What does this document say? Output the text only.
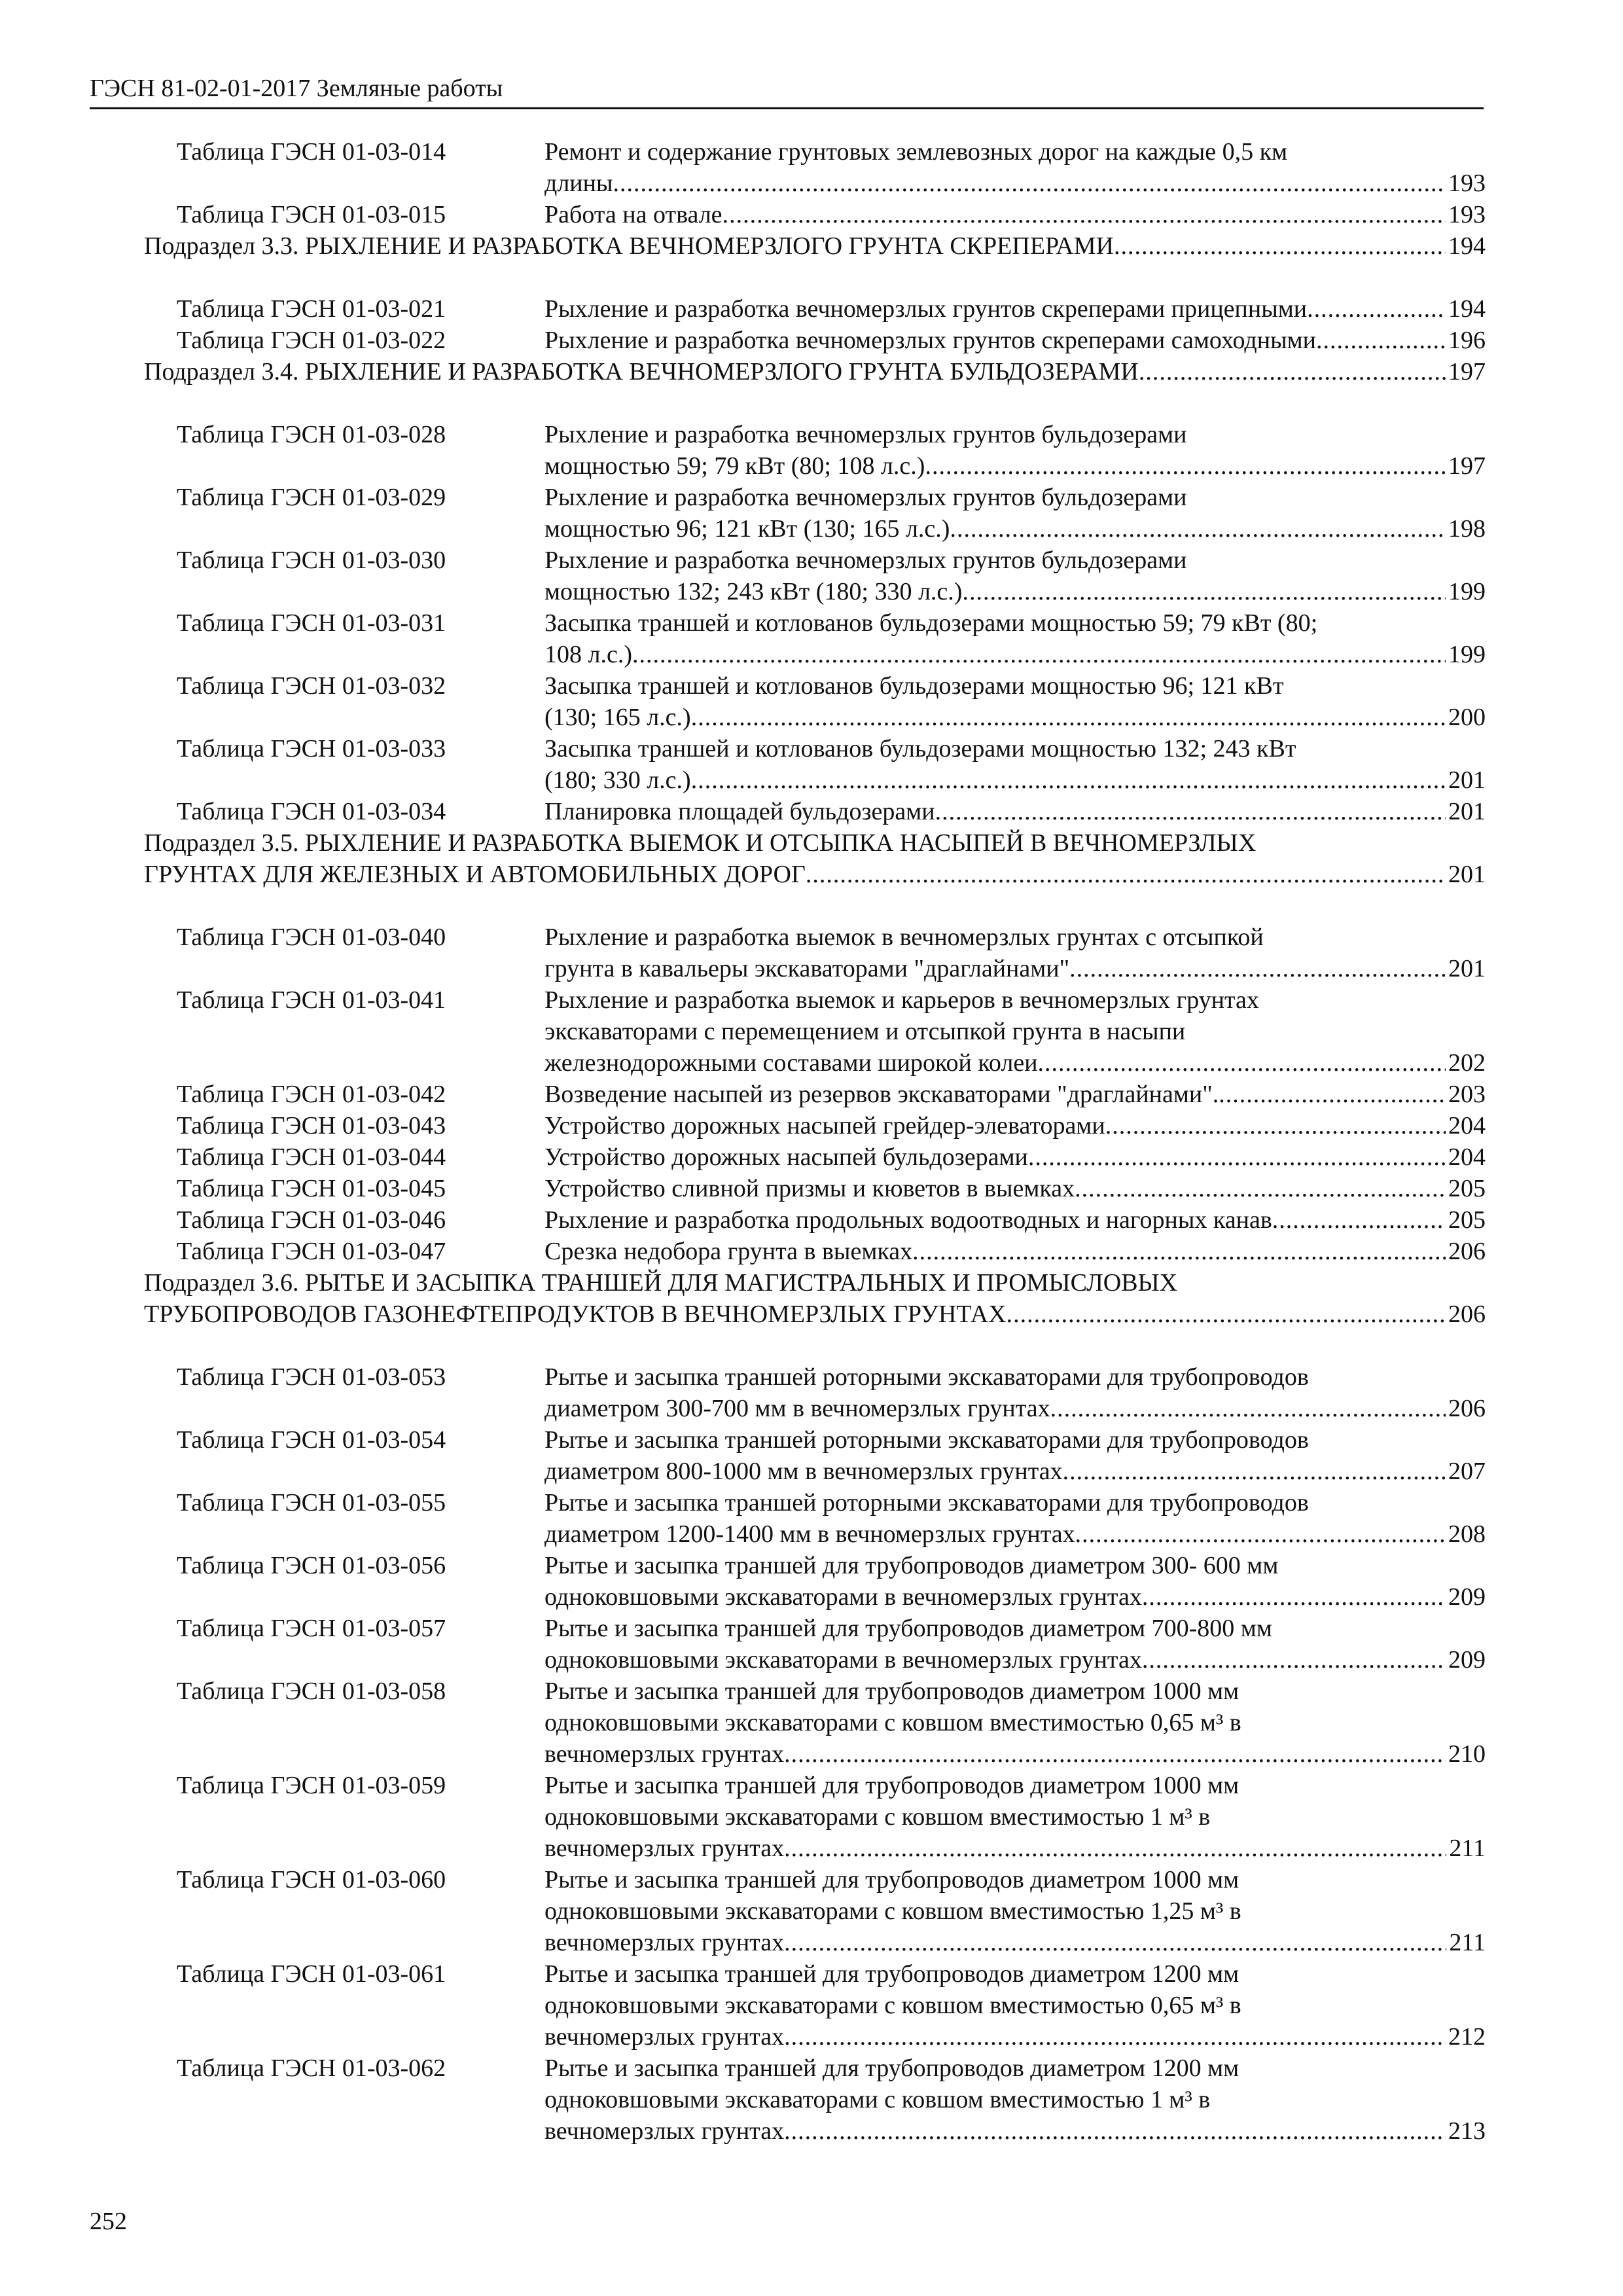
ГЭСН 81-02-01-2017 Земляные работы
Таблица ГЭСН 01-03-014	Ремонт и содержание грунтовых землевозных дорог на каждые 0,5 км
длины .....	193
Таблица ГЭСН 01-03-015	Работа на отвале .....	193
Подраздел 3.3. РЫХЛЕНИЕ И РАЗРАБОТКА ВЕЧНОМЕРЗЛОГО ГРУНТА СКРЕПЕРАМИ .....	194
Таблица ГЭСН 01-03-021	Рыхление и разработка вечномерзлых грунтов скреперами прицепными .....	194
Таблица ГЭСН 01-03-022	Рыхление и разработка вечномерзлых грунтов скреперами самоходными .....	196
Подраздел 3.4. РЫХЛЕНИЕ И РАЗРАБОТКА ВЕЧНОМЕРЗЛОГО ГРУНТА БУЛЬДОЗЕРАМИ .....	197
Таблица ГЭСН 01-03-028	Рыхление и разработка вечномерзлых грунтов бульдозерами
мощностью 59; 79 кВт (80; 108 л.с.) .....	197
Таблица ГЭСН 01-03-029	Рыхление и разработка вечномерзлых грунтов бульдозерами
мощностью 96; 121 кВт (130; 165 л.с.) .....	198
Таблица ГЭСН 01-03-030	Рыхление и разработка вечномерзлых грунтов бульдозерами
мощностью 132; 243 кВт (180; 330 л.с.) .....	199
Таблица ГЭСН 01-03-031	Засыпка траншей и котлованов бульдозерами мощностью 59; 79 кВт (80;
108 л.с.) .....	199
Таблица ГЭСН 01-03-032	Засыпка траншей и котлованов бульдозерами мощностью 96; 121 кВт
(130; 165 л.с.) .....	200
Таблица ГЭСН 01-03-033	Засыпка траншей и котлованов бульдозерами мощностью 132; 243 кВт
(180; 330 л.с.) .....	201
Таблица ГЭСН 01-03-034	Планировка площадей бульдозерами .....	201
Подраздел 3.5. РЫХЛЕНИЕ И РАЗРАБОТКА ВЫЕМОК И ОТСЫПКА НАСЫПЕЙ В ВЕЧНОМЕРЗЛЫХ
ГРУНТАХ ДЛЯ ЖЕЛЕЗНЫХ И АВТОМОБИЛЬНЫХ ДОРОГ .....	201
Таблица ГЭСН 01-03-040	Рыхление и разработка выемок в вечномерзлых грунтах с отсыпкой
грунта в кавальеры экскаваторами "драглайнами" .....	201
Таблица ГЭСН 01-03-041	Рыхление и разработка выемок и карьеров в вечномерзлых грунтах
экскаваторами с перемещением и отсыпкой грунта в насыпи
железнодорожными составами широкой колеи .....	202
Таблица ГЭСН 01-03-042	Возведение насыпей из резервов экскаваторами "драглайнами". .....	203
Таблица ГЭСН 01-03-043	Устройство дорожных насыпей грейдер-элеваторами .....	204
Таблица ГЭСН 01-03-044	Устройство дорожных насыпей бульдозерами .....	204
Таблица ГЭСН 01-03-045	Устройство сливной призмы и кюветов в выемках .....	205
Таблица ГЭСН 01-03-046	Рыхление и разработка продольных водоотводных и нагорных канав .....	205
Таблица ГЭСН 01-03-047	Срезка недобора грунта в выемках .....	206
Подраздел 3.6. РЫТЬЕ И ЗАСЫПКА ТРАНШЕЙ ДЛЯ МАГИСТРАЛЬНЫХ И ПРОМЫСЛОВЫХ
ТРУБОПРОВОДОВ ГАЗОНЕФТЕПРОДУКТОВ В ВЕЧНОМЕРЗЛЫХ ГРУНТАХ .....	206
Таблица ГЭСН 01-03-053	Рытье и засыпка траншей роторными экскаваторами для трубопроводов
диаметром 300-700 мм в вечномерзлых грунтах .....	206
Таблица ГЭСН 01-03-054	Рытье и засыпка траншей роторными экскаваторами для трубопроводов
диаметром 800-1000 мм в вечномерзлых грунтах .....	207
Таблица ГЭСН 01-03-055	Рытье и засыпка траншей роторными экскаваторами для трубопроводов
диаметром 1200-1400 мм в вечномерзлых грунтах .....	208
Таблица ГЭСН 01-03-056	Рытье и засыпка траншей для трубопроводов диаметром 300- 600 мм
одноковшовыми экскаваторами в вечномерзлых грунтах .....	209
Таблица ГЭСН 01-03-057	Рытье и засыпка траншей для трубопроводов диаметром 700-800 мм
одноковшовыми экскаваторами в вечномерзлых грунтах .....	209
Таблица ГЭСН 01-03-058	Рытье и засыпка траншей для трубопроводов диаметром 1000 мм
одноковшовыми экскаваторами с ковшом вместимостью 0,65 м³ в
вечномерзлых грунтах .....	210
Таблица ГЭСН 01-03-059	Рытье и засыпка траншей для трубопроводов диаметром 1000 мм
одноковшовыми экскаваторами с ковшом вместимостью 1 м³ в
вечномерзлых грунтах .....	211
Таблица ГЭСН 01-03-060	Рытье и засыпка траншей для трубопроводов диаметром 1000 мм
одноковшовыми экскаваторами с ковшом вместимостью 1,25 м³ в
вечномерзлых грунтах .....	211
Таблица ГЭСН 01-03-061	Рытье и засыпка траншей для трубопроводов диаметром 1200 мм
одноковшовыми экскаваторами с ковшом вместимостью 0,65 м³ в
вечномерзлых грунтах .....	212
Таблица ГЭСН 01-03-062	Рытье и засыпка траншей для трубопроводов диаметром 1200 мм
одноковшовыми экскаваторами с ковшом вместимостью 1 м³ в
вечномерзлых грунтах .....	213
252
